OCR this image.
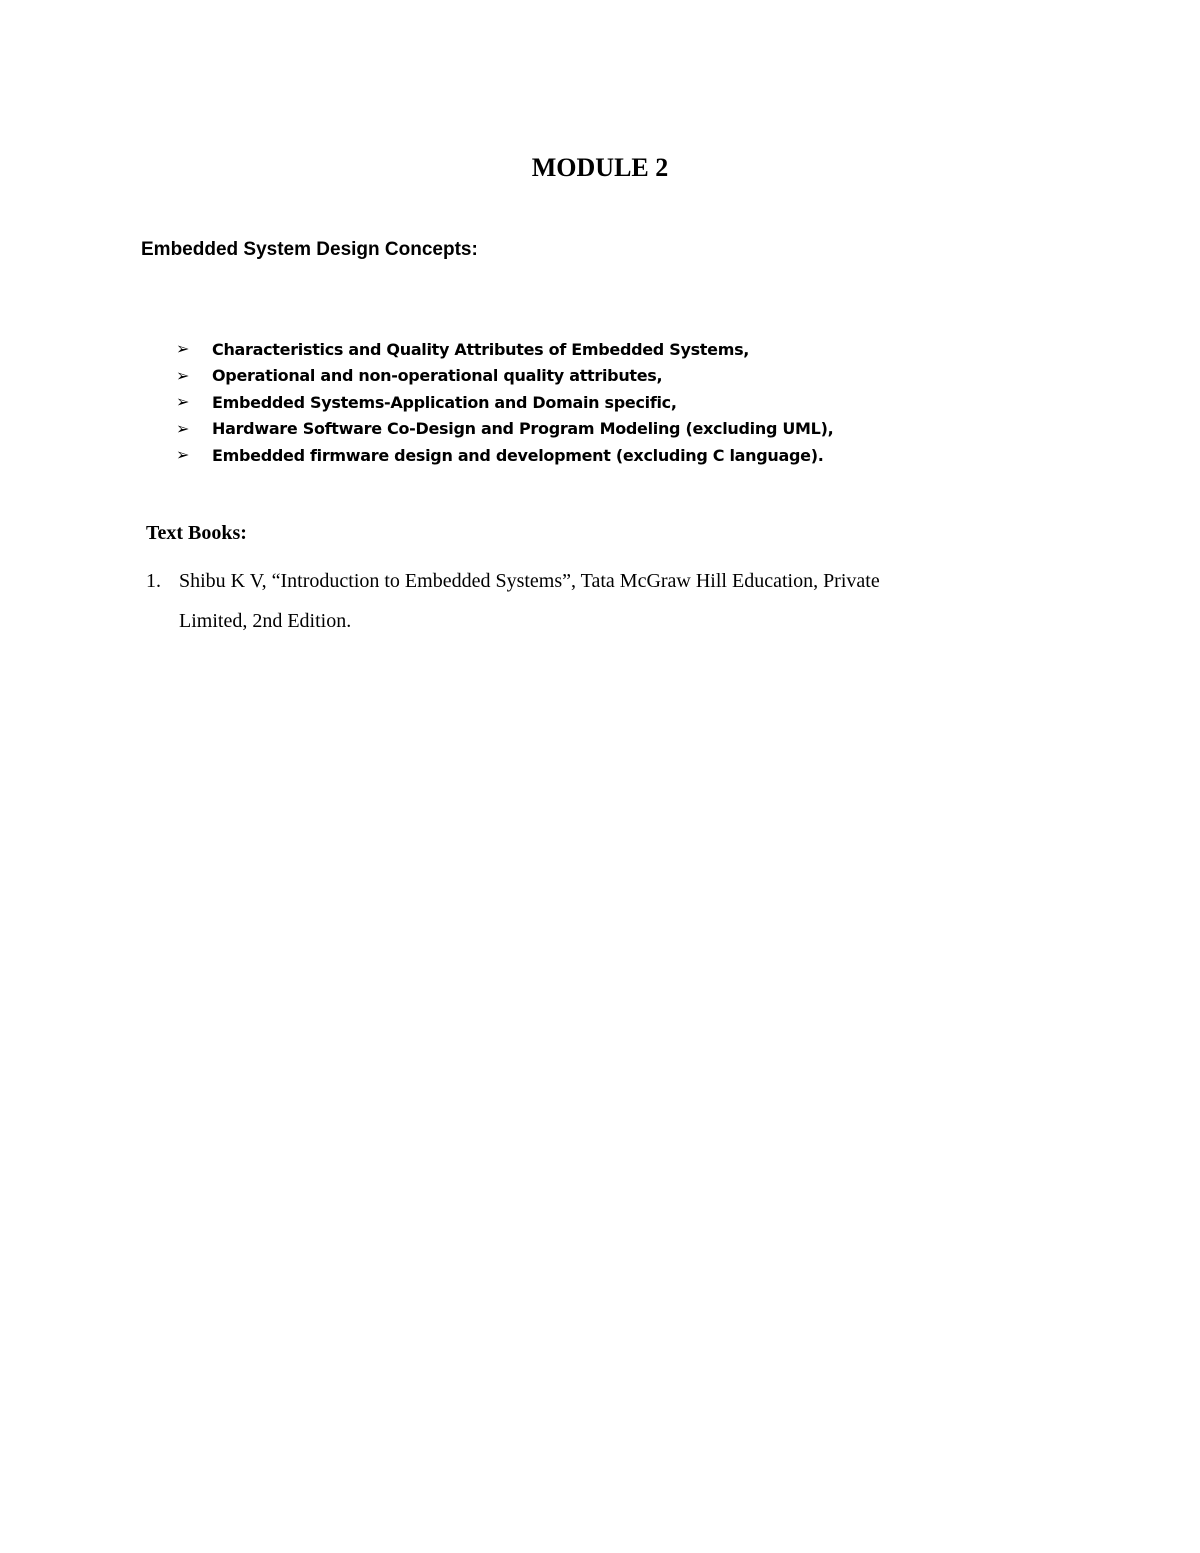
MODULE 2
Embedded System Design Concepts:
➢	Characteristics and Quality Attributes of Embedded Systems,
➢	Operational and non-operational quality attributes,
➢	Embedded Systems-Application and Domain specific,
➢	Hardware Software Co-Design and Program Modeling (excluding UML),
➢	Embedded firmware design and development (excluding C language).
Text Books:
1. Shibu K V, “Introduction to Embedded Systems”, Tata McGraw Hill Education, Private
Limited, 2nd Edition.
